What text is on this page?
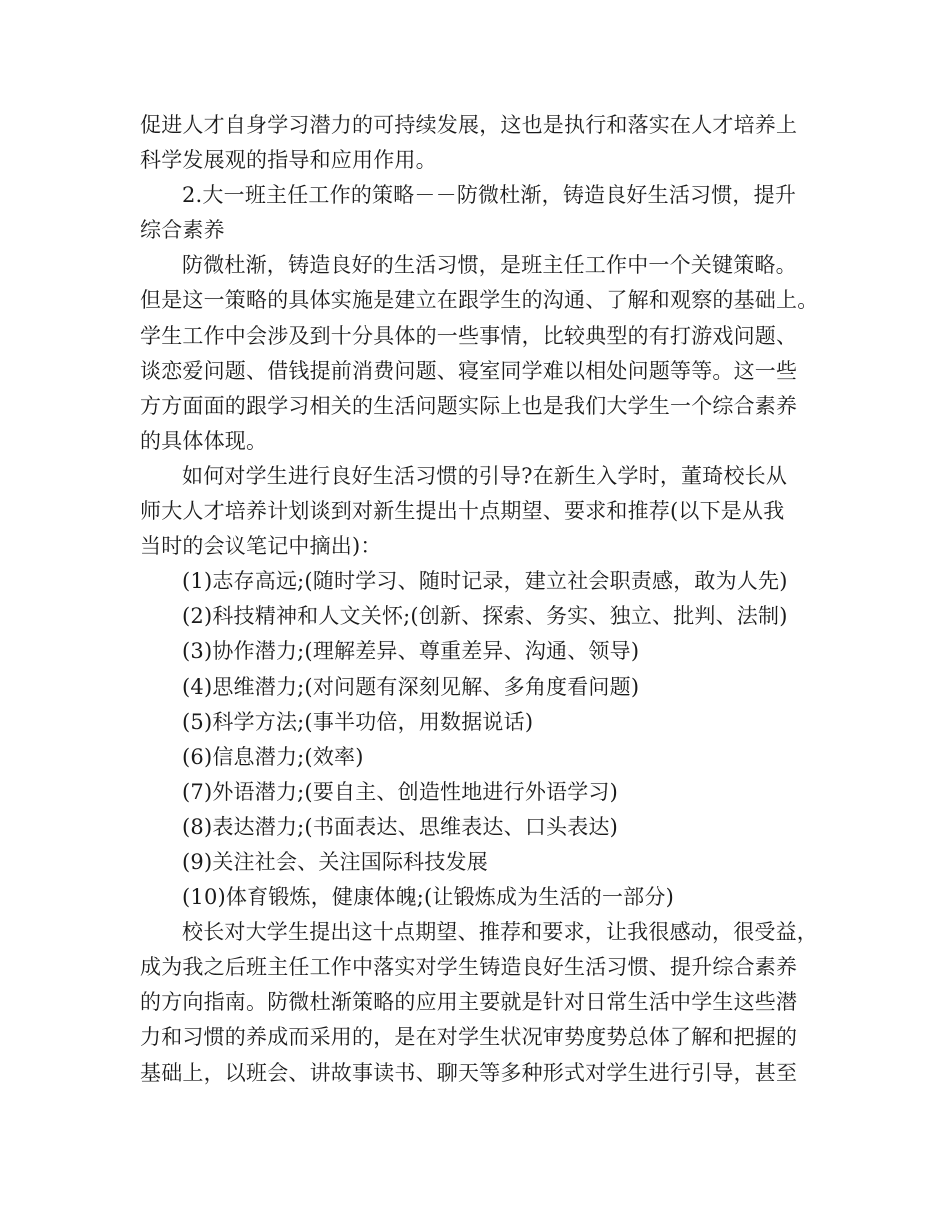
促进人才自身学习潜力的可持续发展，这也是执行和落实在人才培养上
科学发展观的指导和应用作用。
2.大一班主任工作的策略－－防微杜渐，铸造良好生活习惯，提升
综合素养
防微杜渐，铸造良好的生活习惯，是班主任工作中一个关键策略。
但是这一策略的具体实施是建立在跟学生的沟通、了解和观察的基础上。
学生工作中会涉及到十分具体的一些事情，比较典型的有打游戏问题、
谈恋爱问题、借钱提前消费问题、寝室同学难以相处问题等等。这一些
方方面面的跟学习相关的生活问题实际上也是我们大学生一个综合素养
的具体体现。
如何对学生进行良好生活习惯的引导?在新生入学时，董琦校长从
师大人才培养计划谈到对新生提出十点期望、要求和推荐(以下是从我
当时的会议笔记中摘出)：
(1)志存高远;(随时学习、随时记录，建立社会职责感，敢为人先)
(2)科技精神和人文关怀;(创新、探索、务实、独立、批判、法制)
(3)协作潜力;(理解差异、尊重差异、沟通、领导)
(4)思维潜力;(对问题有深刻见解、多角度看问题)
(5)科学方法;(事半功倍，用数据说话)
(6)信息潜力;(效率)
(7)外语潜力;(要自主、创造性地进行外语学习)
(8)表达潜力;(书面表达、思维表达、口头表达)
(9)关注社会、关注国际科技发展
(10)体育锻炼，健康体魄;(让锻炼成为生活的一部分)
校长对大学生提出这十点期望、推荐和要求，让我很感动，很受益，
成为我之后班主任工作中落实对学生铸造良好生活习惯、提升综合素养
的方向指南。防微杜渐策略的应用主要就是针对日常生活中学生这些潜
力和习惯的养成而采用的，是在对学生状况审势度势总体了解和把握的
基础上，以班会、讲故事读书、聊天等多种形式对学生进行引导，甚至
